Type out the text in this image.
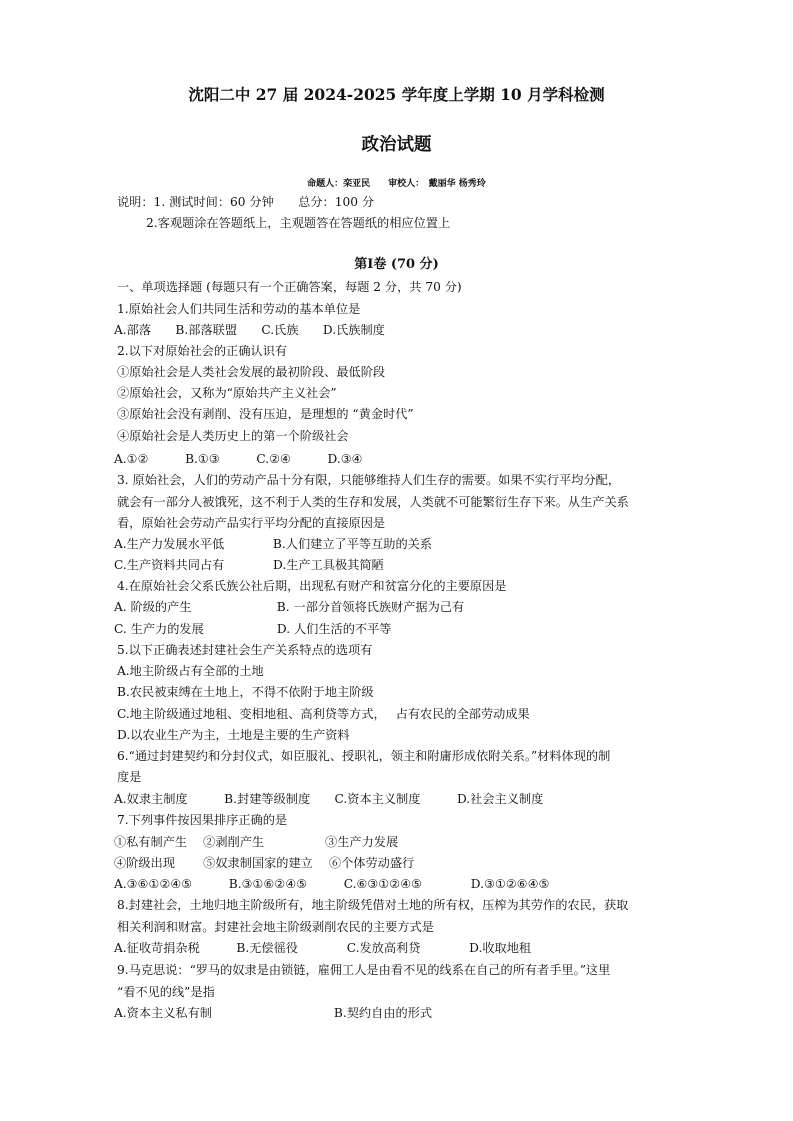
沈阳二中 27 届 2024-2025 学年度上学期 10 月学科检测
政治试题
命题人：栾亚民　　审校人：　戴丽华 杨秀玲
说明：1. 测试时间：60 分钟　　总分：100 分
2.客观题涂在答题纸上，主观题答在答题纸的相应位置上
第Ⅰ卷 (70 分)
一、单项选择题 (每题只有一个正确答案，每题 2 分，共 70 分)
1.原始社会人们共同生活和劳动的基本单位是
A.部落　　B.部落联盟　　C.氏族　　D.氏族制度
2.以下对原始社会的正确认识有
①原始社会是人类社会发展的最初阶段、最低阶段
②原始社会，又称为“原始共产主义社会”
③原始社会没有剥削、没有压迫，是理想的 “黄金时代”
④原始社会是人类历史上的第一个阶级社会
A.①②　　　B.①③　　　C.②④　　　D.③④
3. 原始社会，人们的劳动产品十分有限，只能够维持人们生存的需要。如果不实行平均分配，
就会有一部分人被饿死，这不利于人类的生存和发展，人类就不可能繁衍生存下来。从生产关系
看，原始社会劳动产品实行平均分配的直接原因是
A.生产力发展水平低　　　　B.人们建立了平等互助的关系
C.生产资料共同占有　　　　D.生产工具极其简陋
4.在原始社会父系氏族公社后期，出现私有财产和贫富分化的主要原因是
A. 阶级的产生　　　　　　　B. 一部分首领将氏族财产据为己有
C. 生产力的发展　　　　　　D. 人们生活的不平等
5.以下正确表述封建社会生产关系特点的选项有
A.地主阶级占有全部的土地
B.农民被束缚在土地上，不得不依附于地主阶级
C.地主阶级通过地租、变相地租、高利贷等方式，　 占有农民的全部劳动成果
D.以农业生产为主，土地是主要的生产资料
6.“通过封建契约和分封仪式，如臣服礼、授职礼，领主和附庸形成依附关系。”材料体现的制
度是
A.奴隶主制度　　　B.封建等级制度　　C.资本主义制度　　　D.社会主义制度
7.下列事件按因果排序正确的是
①私有制产生　 ②剥削产生　　　　　③生产力发展
④阶级出现　　 ⑤奴隶制国家的建立　 ⑥个体劳动盛行
A.③⑥①②④⑤　　　B.③①⑥②④⑤　　　C.⑥③①②④⑤　　　　D.③①②⑥④⑤
8.封建社会，土地归地主阶级所有，地主阶级凭借对土地的所有权，压榨为其劳作的农民，获取
相关利润和财富。封建社会地主阶级剥削农民的主要方式是
A.征收苛捐杂税　　　B.无偿徭役　　　　C.发放高利贷　　　　D.收取地租
9.马克思说：“罗马的奴隶是由锁链，雇佣工人是由看不见的线系在自己的所有者手里。”这里
“看不见的线”是指
A.资本主义私有制　　　　　　　　　　B.契约自由的形式
